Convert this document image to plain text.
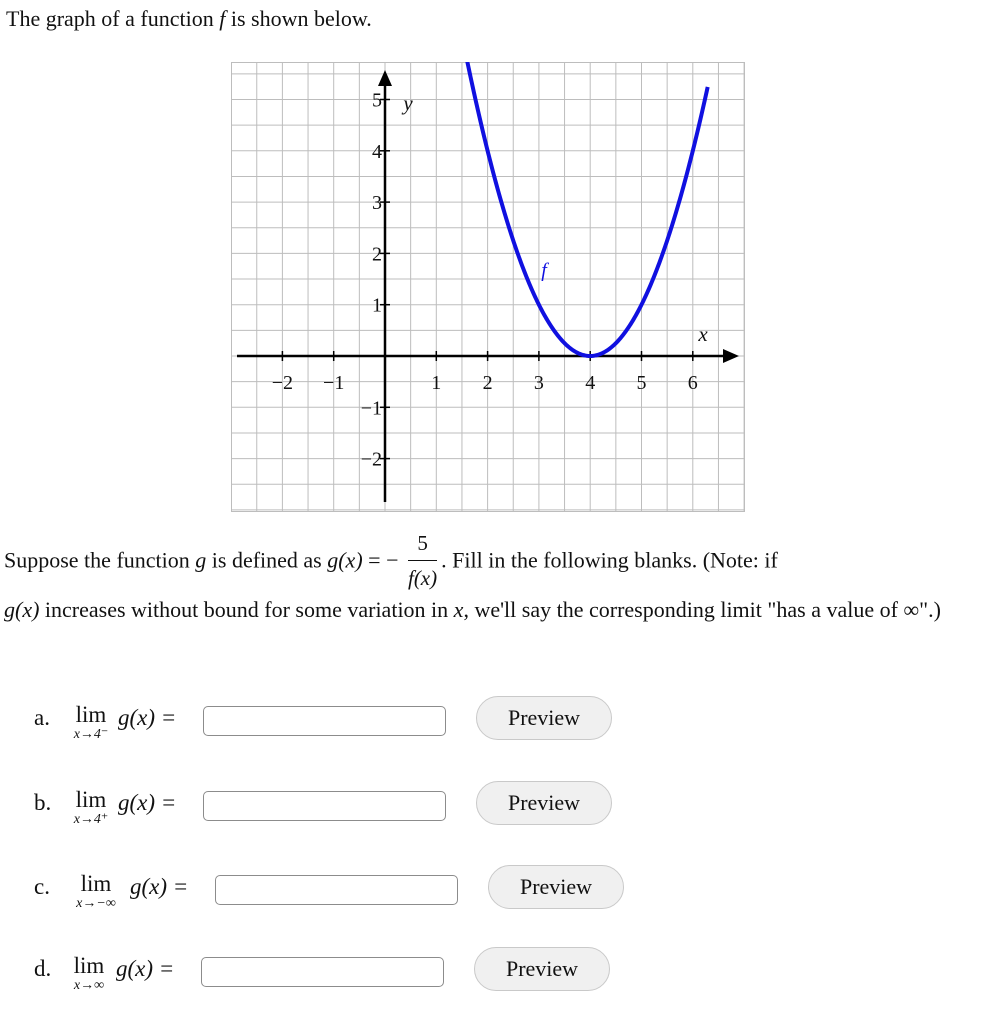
The graph of a function f is shown below.
−2 −1	1 2 3 4 5 6
−2
−1
1
2
3
4
5
x
y
f
Suppose the function g is defined as g(x) = − $\frac{5}{f(x)}$ . Fill in the following blanks. (Note: if
g(x) increases without bound for some variation in x, we'll say the corresponding limit "has a value of ∞".)
a.	lim
x→4⁻
g(x) =	Preview
b.	lim
x→4⁺
g(x) =	Preview
c.	lim
x→−∞
g(x) =	Preview
d. lim
x→∞
g(x) =	Preview
